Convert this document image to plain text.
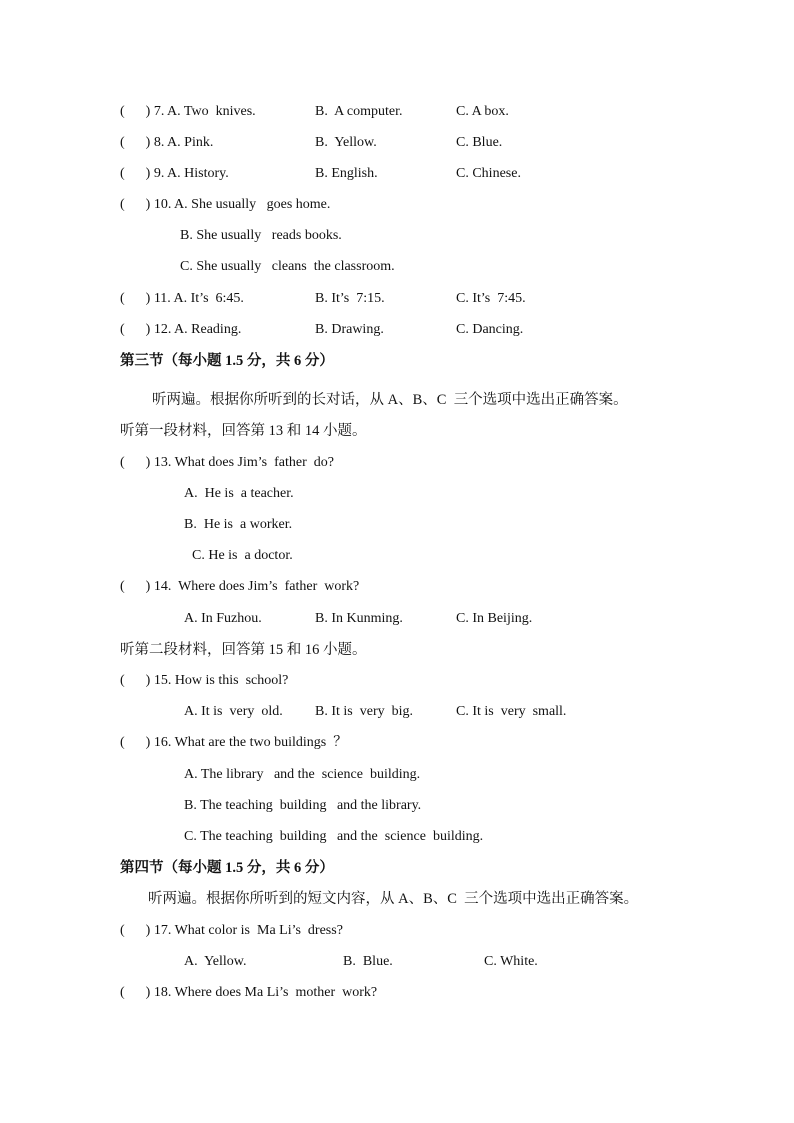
(      ) 7. A. Two  knives.	B.  A computer.	C. A box.
(      ) 8. A. Pink.	B.  Yellow.	C. Blue.
(      ) 9. A. History.	B. English.	C. Chinese.
(      ) 10. A. She usually   goes home.
B. She usually   reads books.
C. She usually   cleans  the classroom.
(      ) 11. A. It’s  6:45.	B. It’s  7:15.	C. It’s  7:45.
(      ) 12. A. Reading.	B. Drawing.	C. Dancing.
第三节（每小题 1.5 分，共 6 分）
听两遍。根据你所听到的长对话，从 A、B、C  三个选项中选出正确答案。
听第一段材料，回答第 13 和 14 小题。
(      ) 13. What does Jim’s  father  do?
A.  He is  a teacher.
B.  He is  a worker.
C. He is  a doctor.
(      ) 14.  Where does Jim’s  father  work?
A. In Fuzhou.	B. In Kunming.	C. In Beijing.
听第二段材料，回答第 15 和 16 小题。
(      ) 15. How is this  school?
A. It is  very  old. B. It is  very  big.	C. It is  very  small.
(      ) 16. What are the two buildings  ？
A. The library   and the  science  building.
B. The teaching  building   and the library.
C. The teaching  building   and the  science  building.
第四节（每小题 1.5 分，共 6 分）
听两遍。根据你所听到的短文内容，从 A、B、C  三个选项中选出正确答案。
(      ) 17. What color is  Ma Li’s  dress?
A.  Yellow.	B.  Blue.	C. White.
(      ) 18. Where does Ma Li’s  mother  work?
